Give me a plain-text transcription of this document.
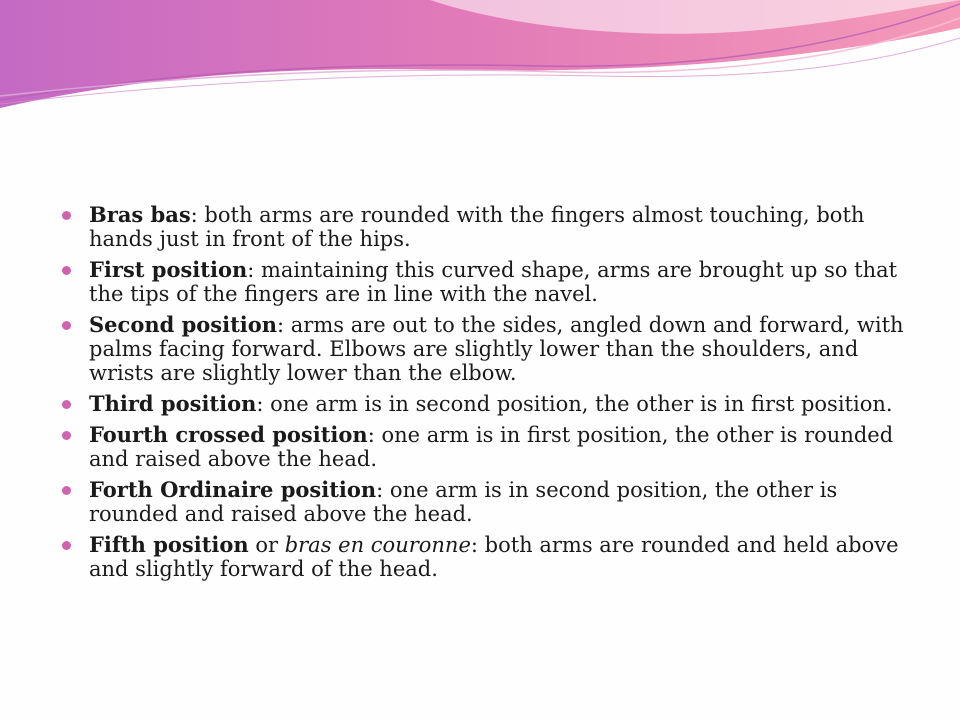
Bras bas: both arms are rounded with the fingers almost touching, both hands just in front of the hips.
First position: maintaining this curved shape, arms are brought up so that the tips of the fingers are in line with the navel.
Second position: arms are out to the sides, angled down and forward, with palms facing forward. Elbows are slightly lower than the shoulders, and wrists are slightly lower than the elbow.
Third position: one arm is in second position, the other is in first position.
Fourth crossed position: one arm is in first position, the other is rounded and raised above the head.
Forth Ordinaire position: one arm is in second position, the other is rounded and raised above the head.
Fifth position or bras en couronne: both arms are rounded and held above and slightly forward of the head.
